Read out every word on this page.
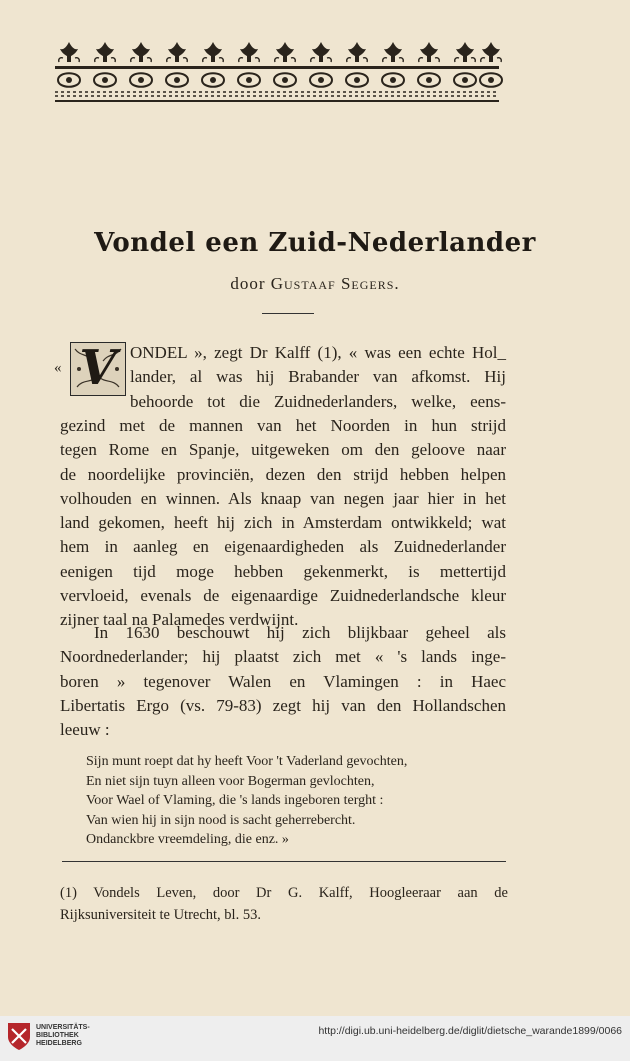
Vondel een Zuid-Nederlander
door Gustaaf Segers.
« V ONDEL », zegt Dr Kalff (1), « was een echte Hol_
lander, al was hij Brabander van afkomst. Hij
behoorde tot die Zuidnederlanders, welke, eens-
gezind met de mannen van het Noorden in hun strijd
tegen Rome en Spanje, uitgeweken om den geloove naar
de noordelijke provinciën, dezen den strijd hebben helpen
volhouden en winnen. Als knaap van negen jaar hier in het
land gekomen, heeft hij zich in Amsterdam ontwikkeld; wat
hem in aanleg en eigenaardigheden als Zuidnederlander
eenigen tijd moge hebben gekenmerkt, is mettertijd
vervloeid, evenals de eigenaardige Zuidnederlandsche kleur
zijner taal na Palamedes verdwijnt.
In 1630 beschouwt hij zich blijkbaar geheel als
Noordnederlander; hij plaatst zich met « 's lands inge-
boren » tegenover Walen en Vlamingen : in Haec
Libertatis Ergo (vs. 79-83) zegt hij van den Hollandschen
leeuw :
Sijn munt roept dat hy heeft Voor 't Vaderland gevochten,
En niet sijn tuyn alleen voor Bogerman gevlochten,
Voor Wael of Vlaming, die 's lands ingeboren terght :
Van wien hij in sijn nood is sacht geherrebercht.
Ondanckbre vreemdeling, die enz. »
(1) Vondels Leven, door Dr G. Kalff, Hoogleeraar aan de
Rijksuniversiteit te Utrecht, bl. 53.
UNIVERSITÄTS-
BIBLIOTHEK
HEIDELBERG
http://digi.ub.uni-heidelberg.de/diglit/dietsche_warande1899/0066
